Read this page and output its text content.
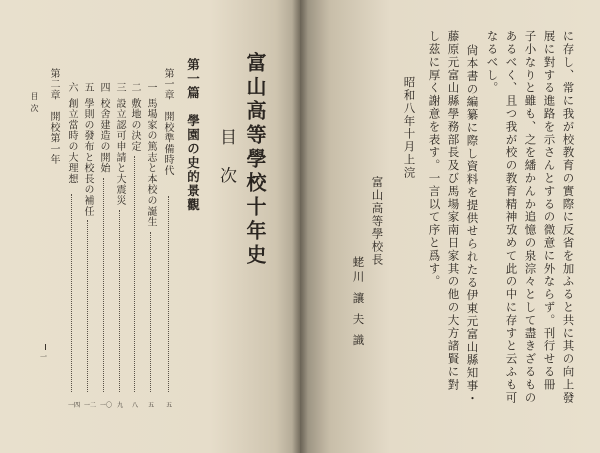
富山高等學校十年史
目 次
第一篇　學園の史的景觀
第一章　開校準備時代
五
一
馬場家の篤志と本校の誕生
五
二
敷地の決定
八
三
設立認可申請と大震災
九
四
校舍建造の開始
一〇
五
學則の發布と校長の補任
一二
六
創立當時の大理想
一四
第二章　開校第一年
目 次
一	に存し、常に我が校教育の實際に反省を加ふると共に其の向上發
展に對する進路を示さんとするの微意に外ならず。刊行せる冊
子小なりと雖も、之を繙かんか追憶の泉淙々として盡きざるもの
あるべく、且つ我が校の教育精神攷めて此の中に存すと云ふも可
なるべし。
尙本書の編纂に際し資料を提供せられたる伊東元富山縣知事・
藤原元富山縣學務部長及び馬場家南日家其の他の大方諸賢に對
し茲に厚く謝意を表す。一言以て序と爲す。
昭和八年十月上浣
富山高等學校長
蛯川 讓 夫 識
